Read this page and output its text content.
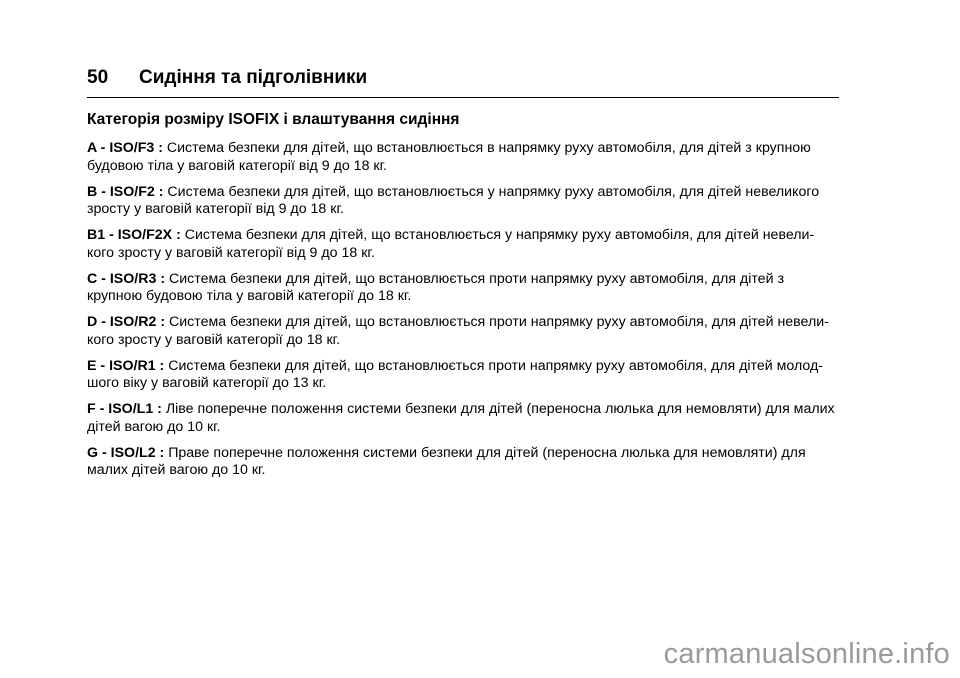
50 Сидіння та підголівники
Категорія розміру ISOFIX і влаштування сидіння
A - ISO/F3 : Система безпеки для дітей, що встановлюється в напрямку руху автомобіля, для дітей з крупною будовою тіла у ваговій категорії від 9 до 18 кг.
B - ISO/F2 : Система безпеки для дітей, що встановлюється у напрямку руху автомобіля, для дітей невеликого зросту у ваговій категорії від 9 до 18 кг.
B1 - ISO/F2X : Система безпеки для дітей, що встановлюється у напрямку руху автомобіля, для дітей невели-кого зросту у ваговій категорії від 9 до 18 кг.
C - ISO/R3 : Система безпеки для дітей, що встановлюється проти напрямку руху автомобіля, для дітей з крупною будовою тіла у ваговій категорії до 18 кг.
D - ISO/R2 : Система безпеки для дітей, що встановлюється проти напрямку руху автомобіля, для дітей невели-кого зросту у ваговій категорії до 18 кг.
E - ISO/R1 : Система безпеки для дітей, що встановлюється проти напрямку руху автомобіля, для дітей молод-шого віку у ваговій категорії до 13 кг.
F - ISO/L1 : Ліве поперечне положення системи безпеки для дітей (переносна люлька для немовляти) для малих дітей вагою до 10 кг.
G - ISO/L2 : Праве поперечне положення системи безпеки для дітей (переносна люлька для немовляти) для малих дітей вагою до 10 кг.
carmanualsonline.info
